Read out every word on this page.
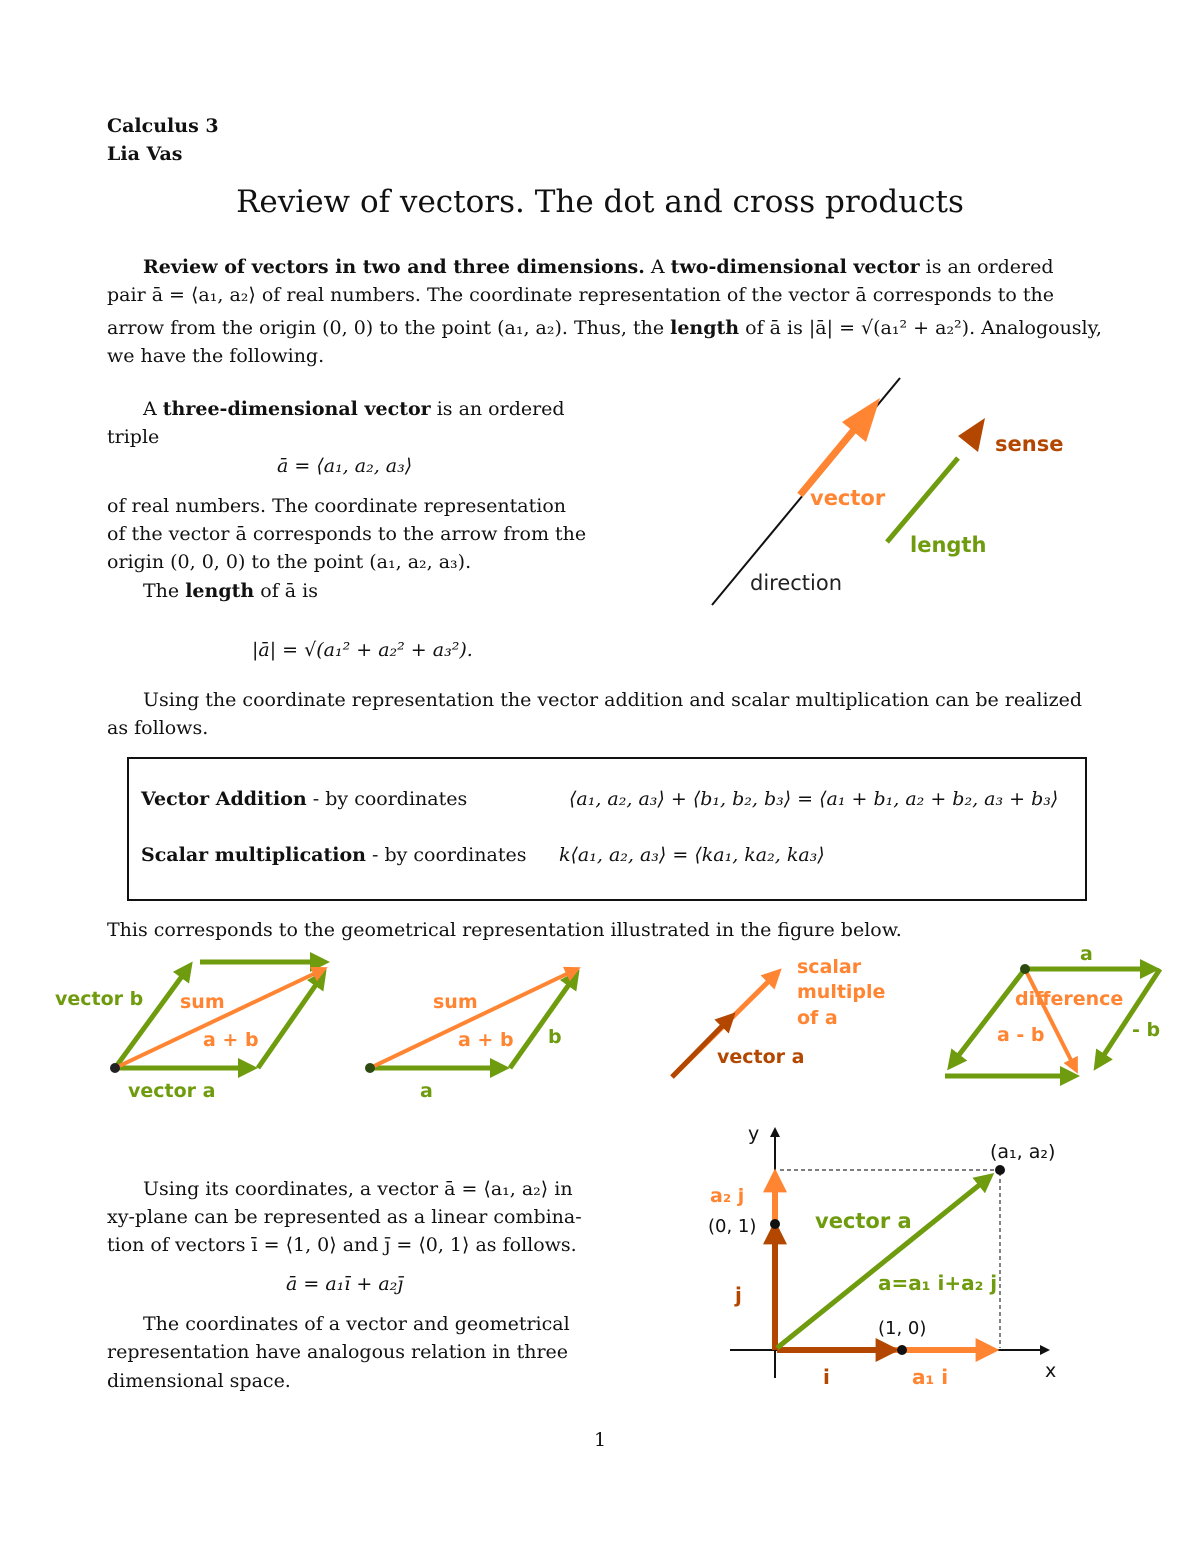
Calculus 3
Lia Vas
Review of vectors. The dot and cross products
Review of vectors in two and three dimensions. A two-dimensional vector is an ordered
pair ā = ⟨a₁, a₂⟩ of real numbers. The coordinate representation of the vector ā corresponds to the
arrow from the origin (0, 0) to the point (a₁, a₂). Thus, the length of ā is |ā| = √(a₁² + a₂²). Analogously,
we have the following.
A three-dimensional vector is an ordered
triple
ā = ⟨a₁, a₂, a₃⟩
of real numbers. The coordinate representation
of the vector ā corresponds to the arrow from the
origin (0, 0, 0) to the point (a₁, a₂, a₃).
The length of ā is
|ā| = √(a₁² + a₂² + a₃²).
vector
sense
length
direction
Using the coordinate representation the vector addition and scalar multiplication can be realized
as follows.
Vector Addition - by coordinates	⟨a₁, a₂, a₃⟩ + ⟨b₁, b₂, b₃⟩ = ⟨a₁ + b₁, a₂ + b₂, a₃ + b₃⟩
Scalar multiplication - by coordinates k⟨a₁, a₂, a₃⟩ = ⟨ka₁, ka₂, ka₃⟩
This corresponds to the geometrical representation illustrated in the figure below.
vector b sum
a + b
vector a
sum
a + b b
a
scalar
multiple
of a
vector a
a
difference
a - b	- b
Using its coordinates, a vector ā = ⟨a₁, a₂⟩ in
xy-plane can be represented as a linear combina-
tion of vectors ī = ⟨1, 0⟩ and j̄ = ⟨0, 1⟩ as follows.
ā = a₁ī + a₂j̄
The coordinates of a vector and geometrical
representation have analogous relation in three
dimensional space.
y
x
(a₁, a₂)
a₂ j
(0, 1)	vector a
a=a₁ i+a₂ j
j
(1, 0)
i	a₁ i
1
